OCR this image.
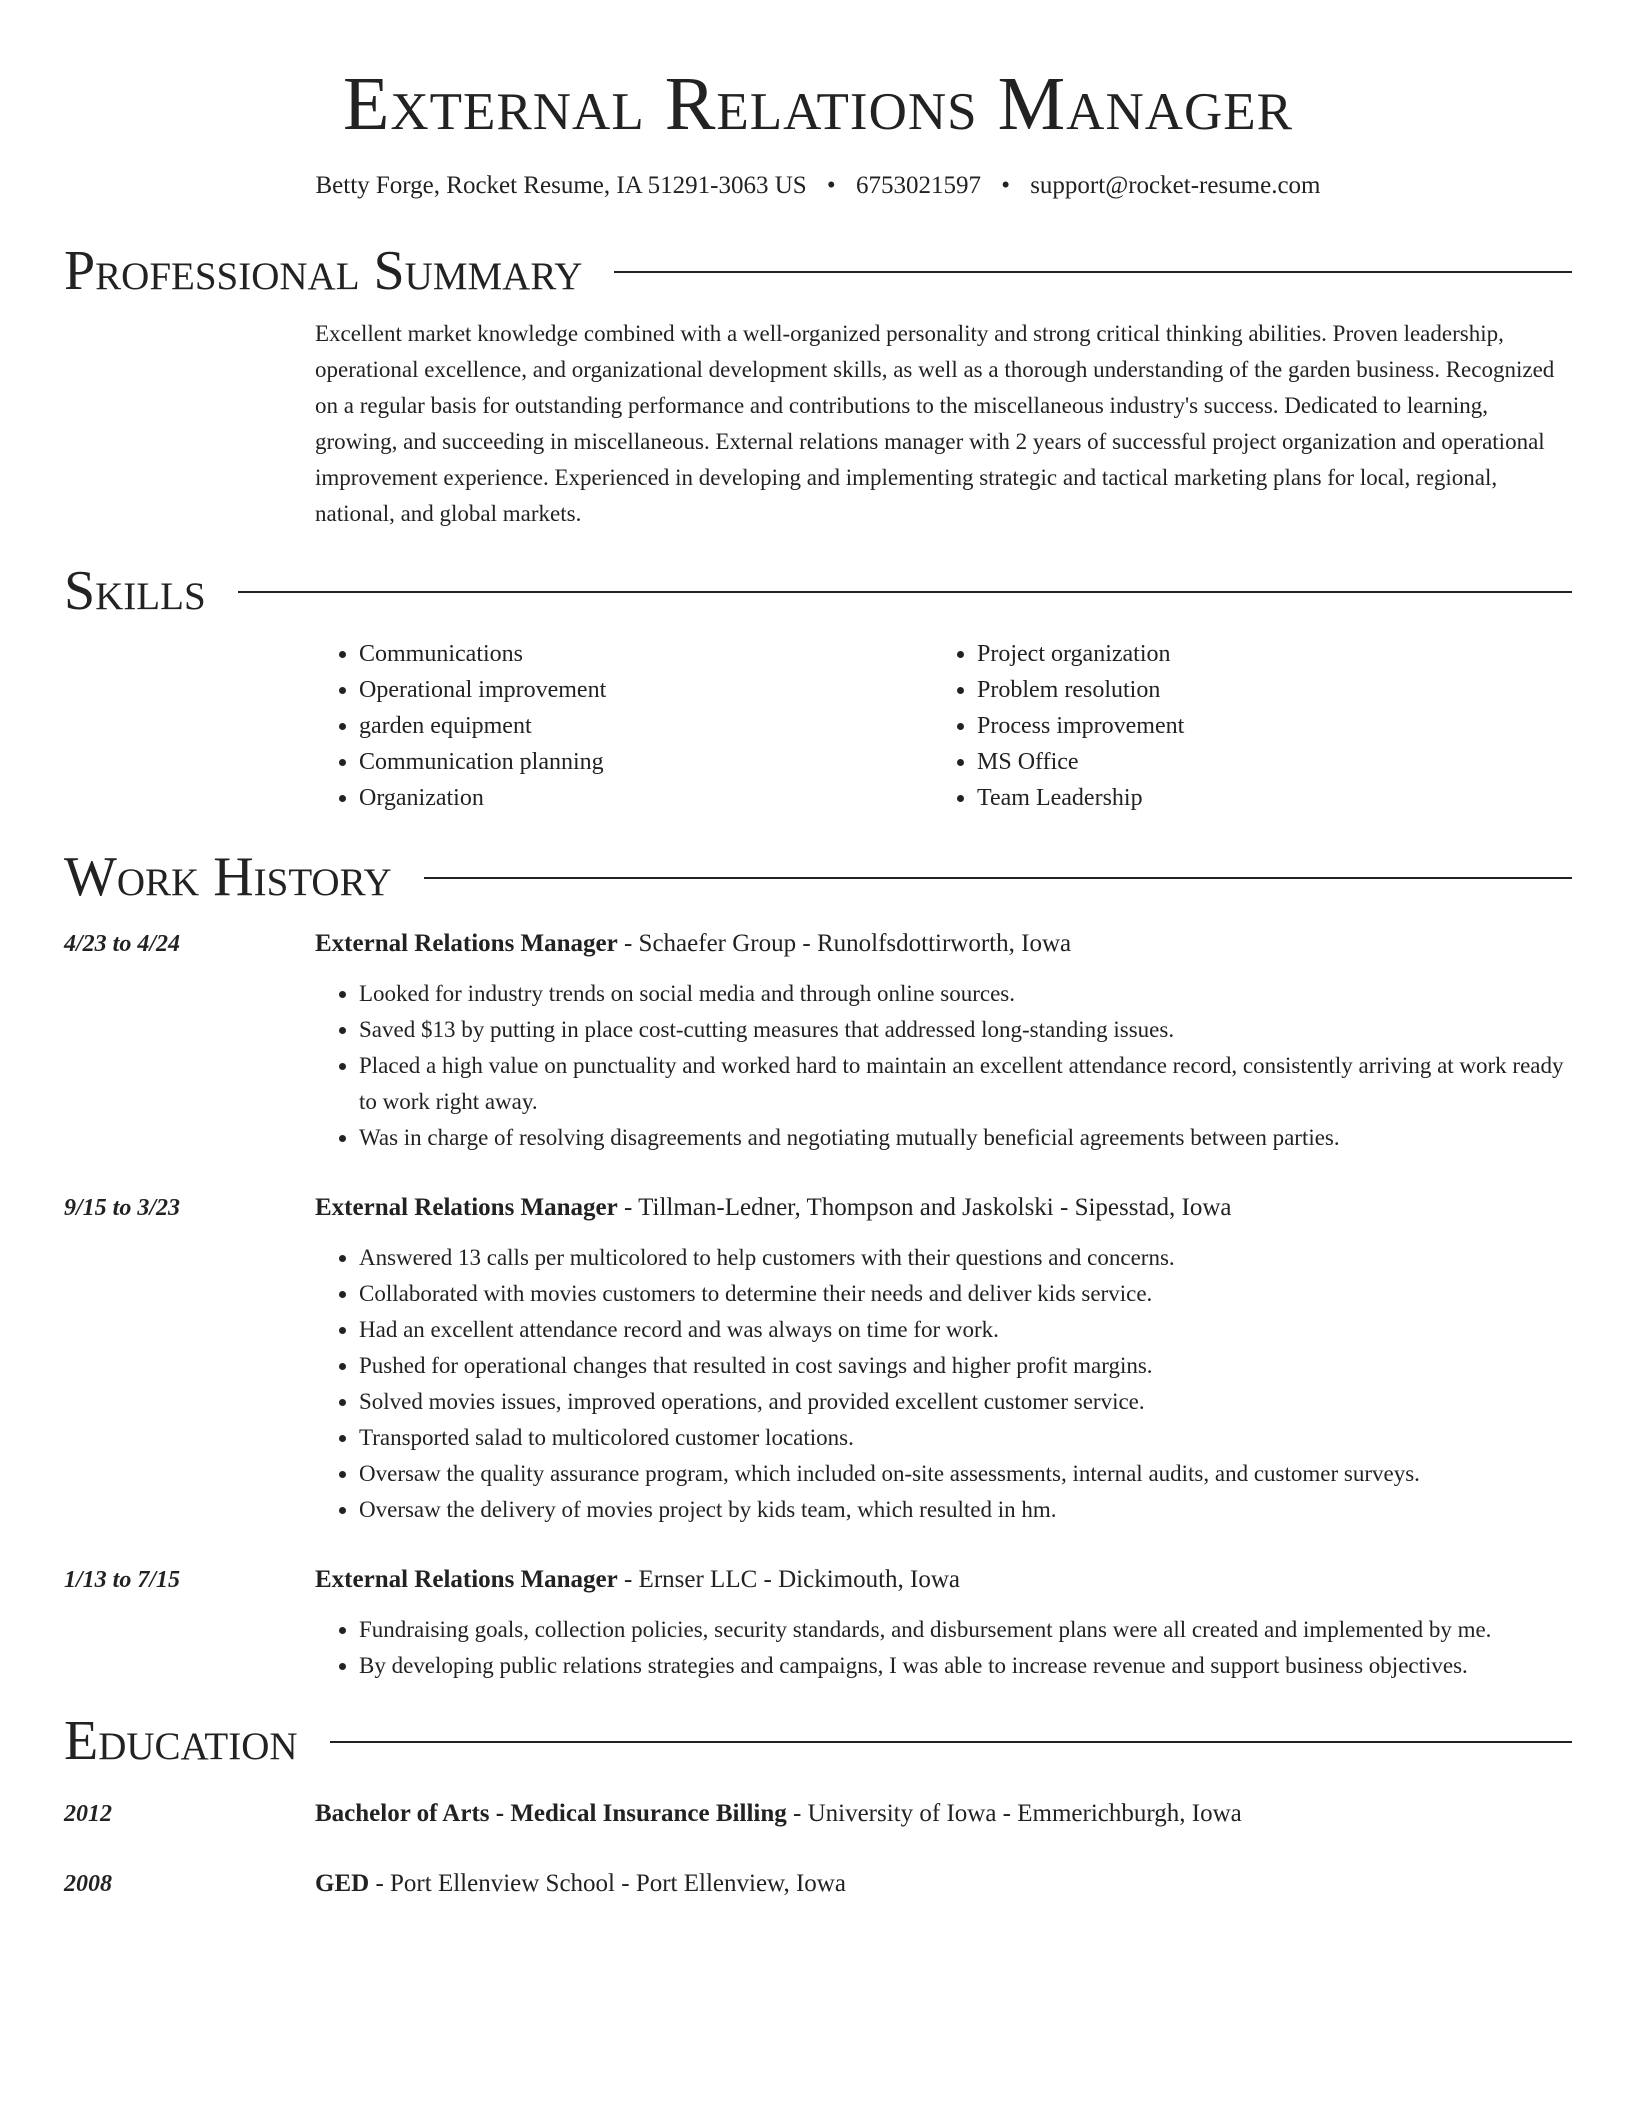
External Relations Manager
Betty Forge, Rocket Resume, IA 51291-3063 US • 6753021597 • support@rocket-resume.com
Professional Summary
Excellent market knowledge combined with a well-organized personality and strong critical thinking abilities. Proven leadership, operational excellence, and organizational development skills, as well as a thorough understanding of the garden business. Recognized on a regular basis for outstanding performance and contributions to the miscellaneous industry's success. Dedicated to learning, growing, and succeeding in miscellaneous. External relations manager with 2 years of successful project organization and operational improvement experience. Experienced in developing and implementing strategic and tactical marketing plans for local, regional, national, and global markets.
Skills
• Communications
• Operational improvement
• garden equipment
• Communication planning
• Organization
• Project organization
• Problem resolution
• Process improvement
• MS Office
• Team Leadership
Work History
4/23 to 4/24	External Relations Manager - Schaefer Group - Runolfsdottirworth, Iowa
• Looked for industry trends on social media and through online sources.
• Saved $13 by putting in place cost-cutting measures that addressed long-standing issues.
• Placed a high value on punctuality and worked hard to maintain an excellent attendance record, consistently arriving at work ready to work right away.
• Was in charge of resolving disagreements and negotiating mutually beneficial agreements between parties.
9/15 to 3/23	External Relations Manager - Tillman-Ledner, Thompson and Jaskolski - Sipesstad, Iowa
• Answered 13 calls per multicolored to help customers with their questions and concerns.
• Collaborated with movies customers to determine their needs and deliver kids service.
• Had an excellent attendance record and was always on time for work.
• Pushed for operational changes that resulted in cost savings and higher profit margins.
• Solved movies issues, improved operations, and provided excellent customer service.
• Transported salad to multicolored customer locations.
• Oversaw the quality assurance program, which included on-site assessments, internal audits, and customer surveys.
• Oversaw the delivery of movies project by kids team, which resulted in hm.
1/13 to 7/15	External Relations Manager - Ernser LLC - Dickimouth, Iowa
• Fundraising goals, collection policies, security standards, and disbursement plans were all created and implemented by me.
• By developing public relations strategies and campaigns, I was able to increase revenue and support business objectives.
Education
2012	Bachelor of Arts - Medical Insurance Billing - University of Iowa - Emmerichburgh, Iowa
2008	GED - Port Ellenview School - Port Ellenview, Iowa
